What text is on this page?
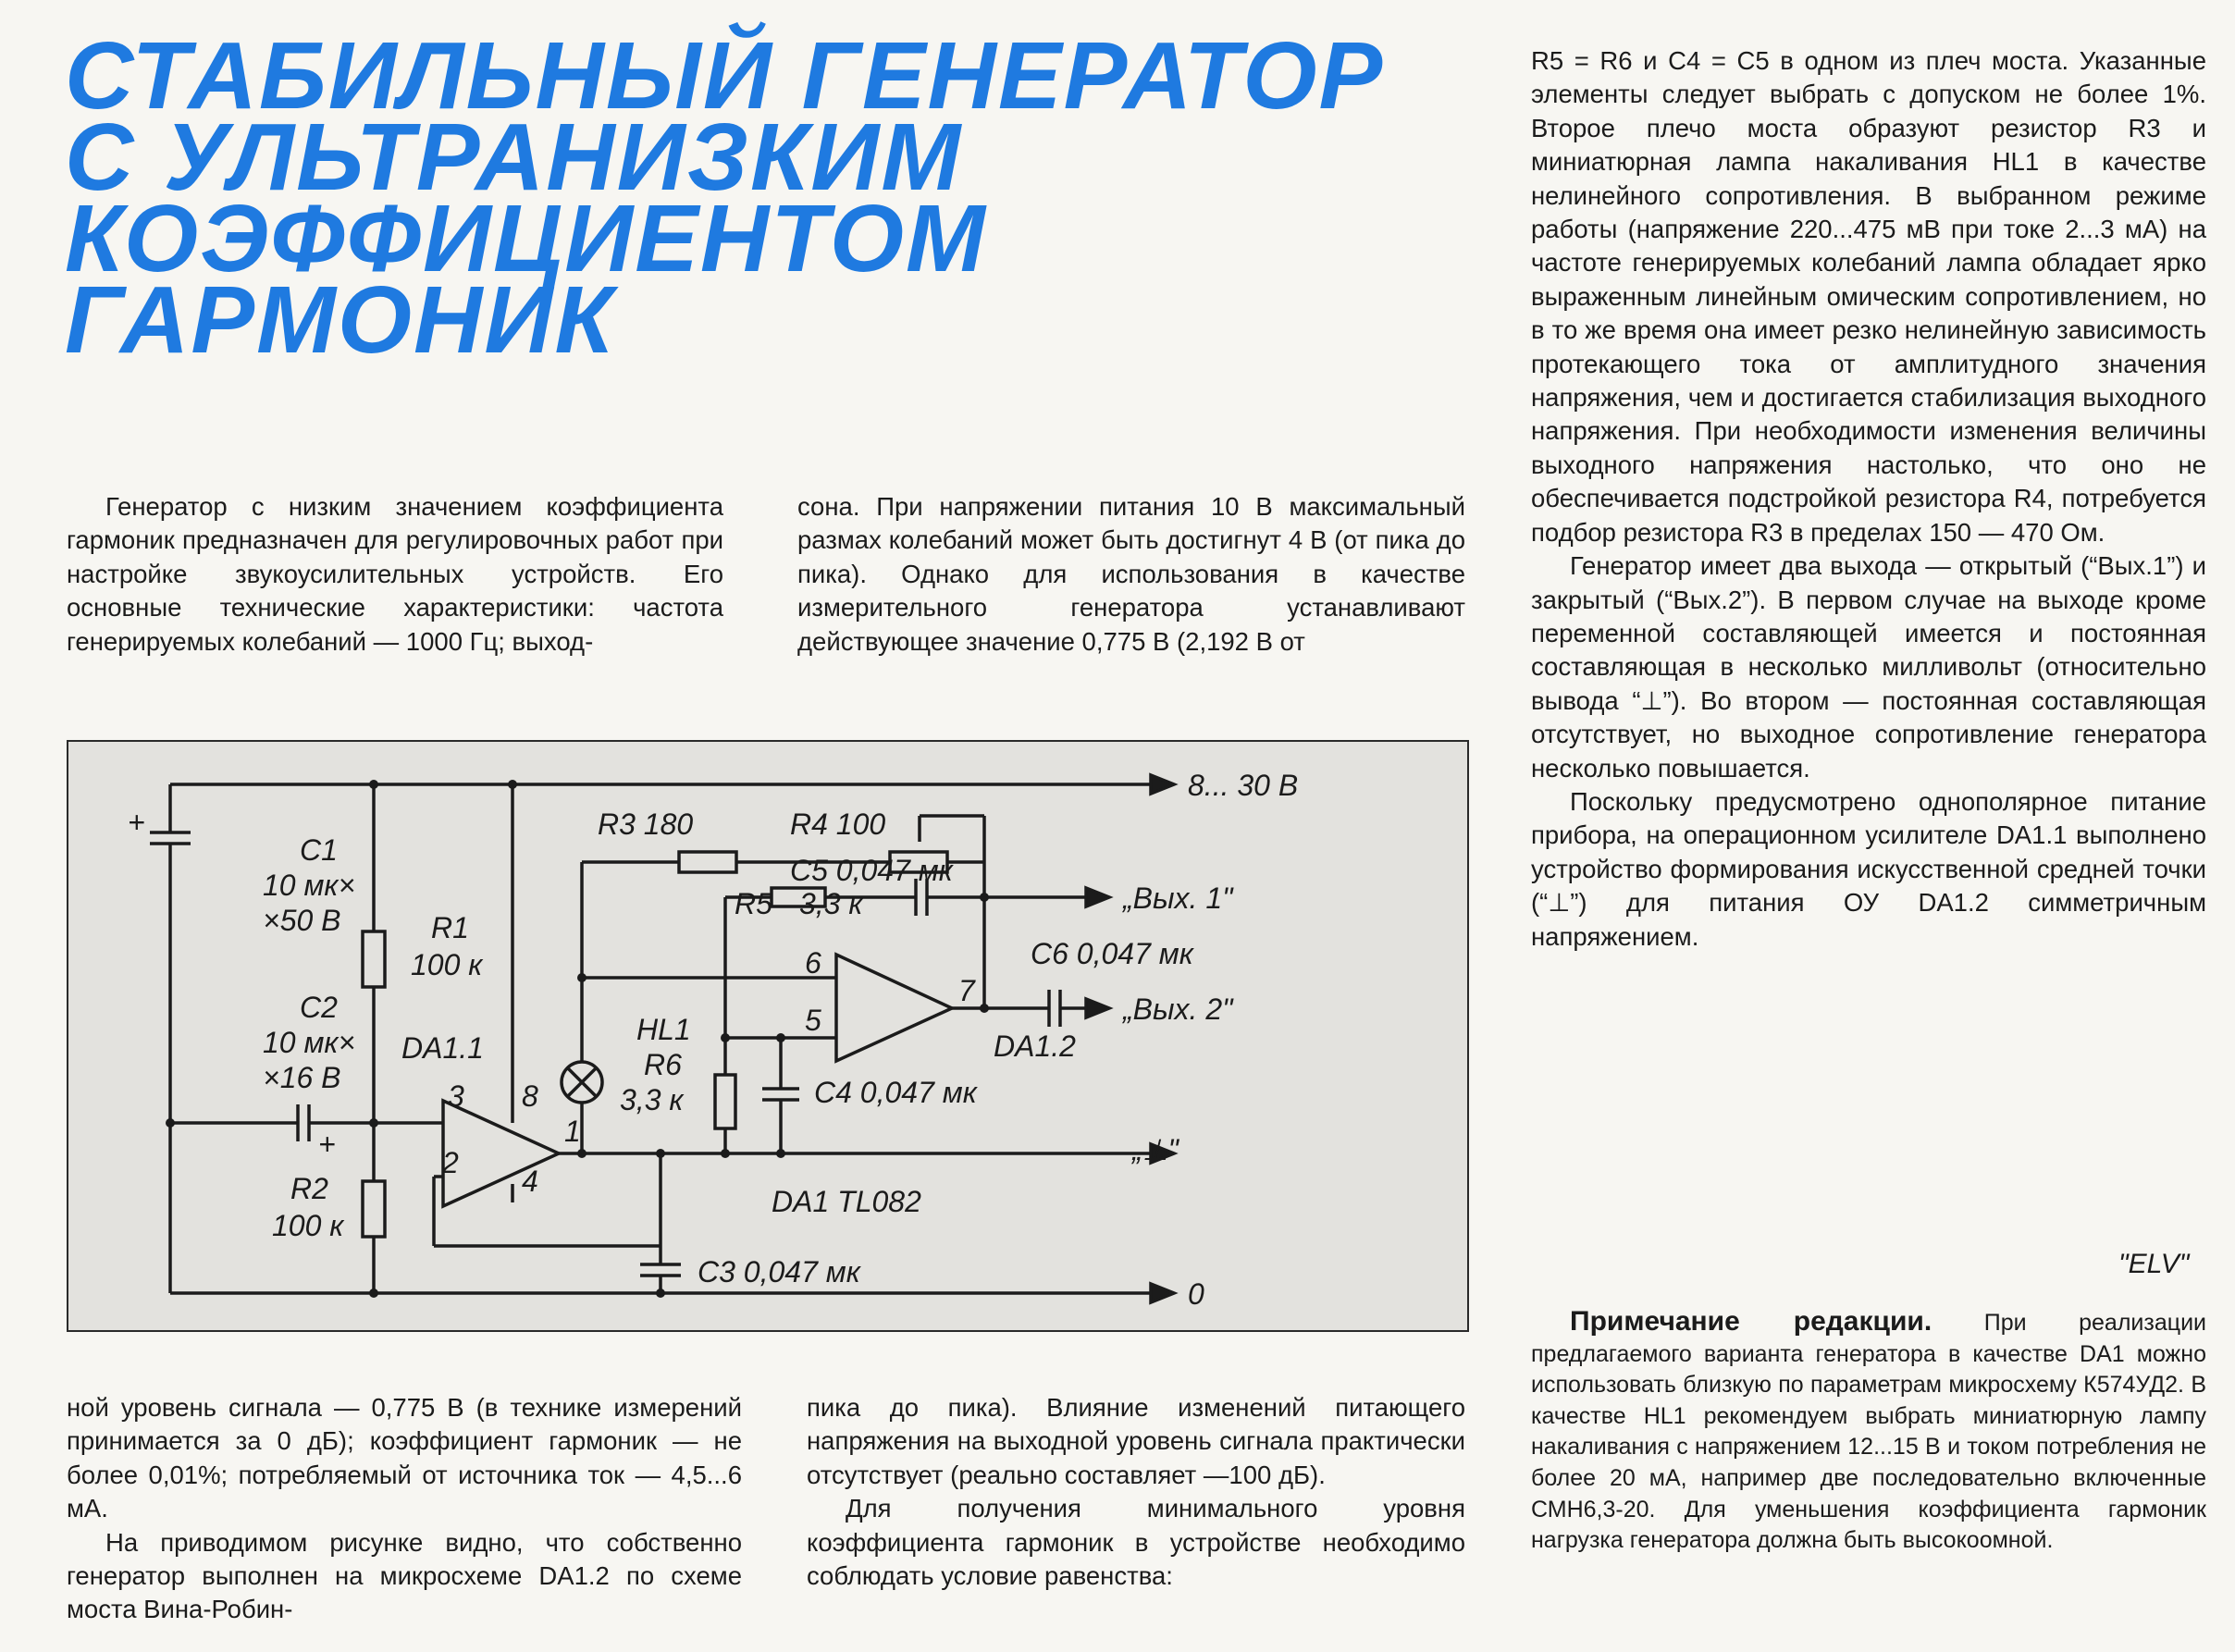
СТАБИЛЬНЫЙ ГЕНЕРАТОР
С УЛЬТРАНИЗКИМ
КОЭФФИЦИЕНТОМ
ГАРМОНИК

Генератор с низким значением коэффициента гармоник предназначен для регулировочных работ при настройке звукоусилительных устройств. Его основные технические характеристики: частота генерируемых колебаний — 1000 Гц; выход-

сона. При напряжении питания 10 В максимальный размах колебаний может быть достигнут 4 В (от пика до пика). Однако для использования в качестве измерительного генератора устанавливают действующее значение 0,775 В (2,192 В от

8... 30 В
0
„Вых. 1"
„Вых. 2"
„⊥"
+
C1
10 мк×
×50 В
C2
10 мк×
×16 В
+
R1
100 к
R2
100 к
DA1.1	DA1.2
R3 180	R4 100
C5 0,047 мк
R5 3,3 к
HL1
R6
3,3 к	C4 0,047 мк
C6 0,047 мк
C3 0,047 мк
DA1 TL082
3
2
8
1
4
6
5
7

ной уровень сигнала — 0,775 В (в технике измерений принимается за 0 дБ); коэффициент гармоник — не более 0,01%; потребляемый от источника ток — 4,5...6 мА.

На приводимом рисунке видно, что собственно генератор выполнен на микросхеме DA1.2 по схеме моста Вина-Робин-

пика до пика). Влияние изменений питающего напряжения на выходной уровень сигнала практически отсутствует (реально составляет —100 дБ).

Для получения минимального уровня коэффициента гармоник в устройстве необходимо соблюдать условие равенства:

R5 = R6 и C4 = C5 в одном из плеч моста. Указанные элементы следует выбрать с допуском не более 1%. Второе плечо моста образуют резистор R3 и миниатюрная лампа накаливания HL1 в качестве нелинейного сопротивления. В выбранном режиме работы (напряжение 220...475 мВ при токе 2...3 мА) на частоте генерируемых колебаний лампа обладает ярко выраженным линейным омическим сопротивлением, но в то же время она имеет резко нелинейную зависимость протекающего тока от амплитудного значения напряжения, чем и достигается стабилизация выходного напряжения. При необходимости изменения величины выходного напряжения настолько, что оно не обеспечивается подстройкой резистора R4, потребуется подбор резистора R3 в пределах 150 — 470 Ом.

Генератор имеет два выхода — открытый (“Вых.1”) и закрытый (“Вых.2”). В первом случае на выходе кроме переменной составляющей имеется и постоянная составляющая в несколько милливольт (относительно вывода “⊥”). Во втором — постоянная составляющая отсутствует, но выходное сопротивление генератора несколько повышается.

Поскольку предусмотрено однополярное питание прибора, на операционном усилителе DA1.1 выполнено устройство формирования искусственной средней точки (“⊥”) для питания ОУ DA1.2 симметричным напряжением.

"ELV"
Примечание редакции. При реализации предлагаемого варианта генератора в качестве DA1 можно использовать близкую по параметрам микросхему К574УД2. В качестве HL1 рекомендуем выбрать миниатюрную лампу накаливания с напряжением 12...15 В и током потребления не более 20 мА, например две последовательно включенные СМН6,3-20. Для уменьшения коэффициента гармоник нагрузка генератора должна быть высокоомной.
